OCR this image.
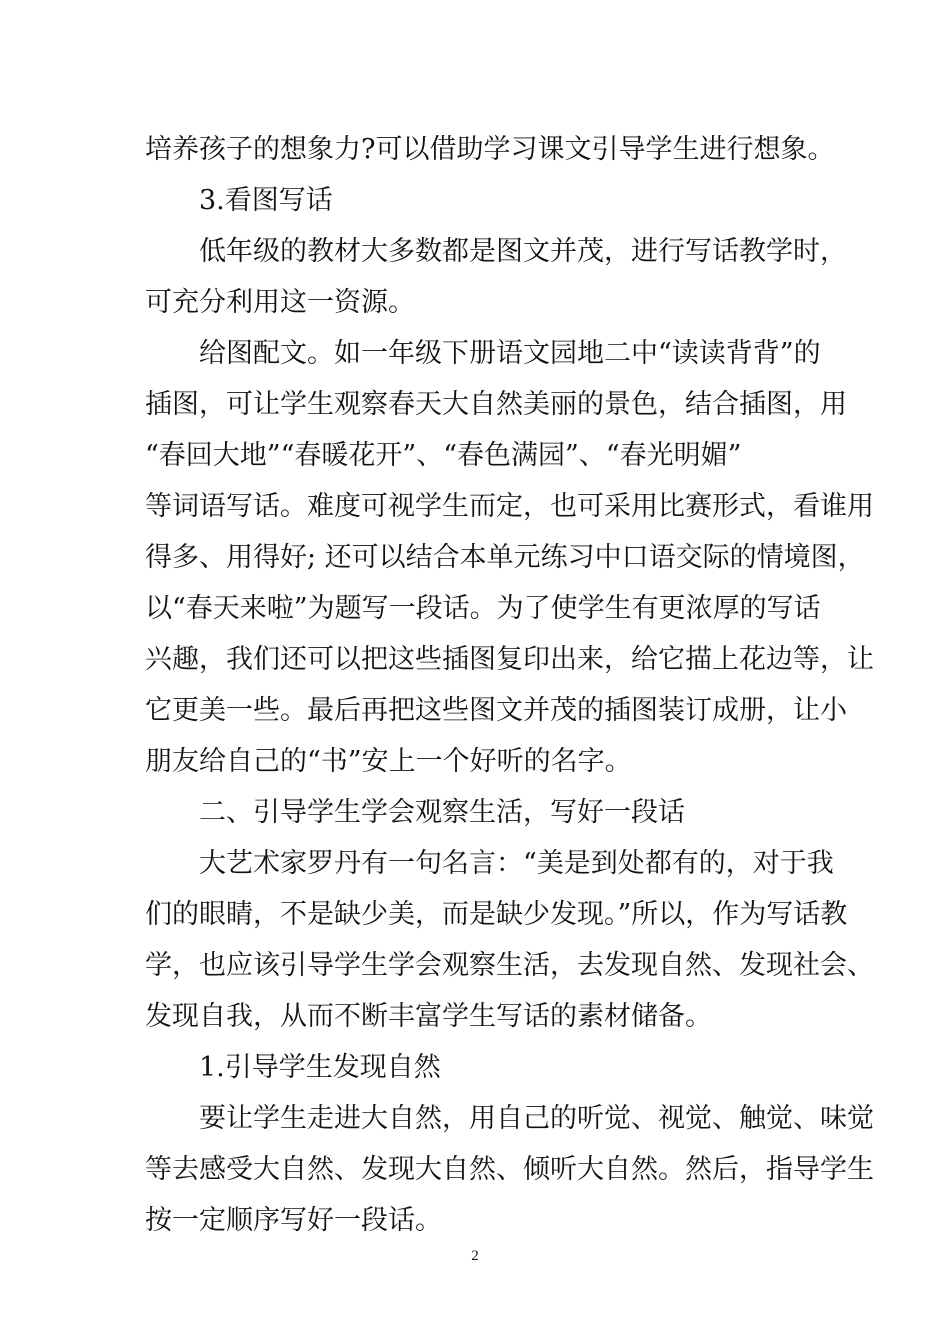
培养孩子的想象力?可以借助学习课文引导学生进行想象。
3.看图写话
低年级的教材大多数都是图文并茂，进行写话教学时，
可充分利用这一资源。
给图配文。如一年级下册语文园地二中“读读背背”的
插图，可让学生观察春天大自然美丽的景色，结合插图，用
“春回大地”“春暖花开”、“春色满园”、“春光明媚”
等词语写话。难度可视学生而定，也可采用比赛形式，看谁用
得多、用得好; 还可以结合本单元练习中口语交际的情境图，
以“春天来啦”为题写一段话。为了使学生有更浓厚的写话
兴趣，我们还可以把这些插图复印出来，给它描上花边等，让
它更美一些。最后再把这些图文并茂的插图装订成册，让小
朋友给自己的“书”安上一个好听的名字。
二、引导学生学会观察生活，写好一段话
大艺术家罗丹有一句名言：“美是到处都有的，对于我
们的眼睛，不是缺少美，而是缺少发现。”所以，作为写话教
学，也应该引导学生学会观察生活，去发现自然、发现社会、
发现自我，从而不断丰富学生写话的素材储备。
1.引导学生发现自然
要让学生走进大自然，用自己的听觉、视觉、触觉、味觉
等去感受大自然、发现大自然、倾听大自然。然后，指导学生
按一定顺序写好一段话。
2
